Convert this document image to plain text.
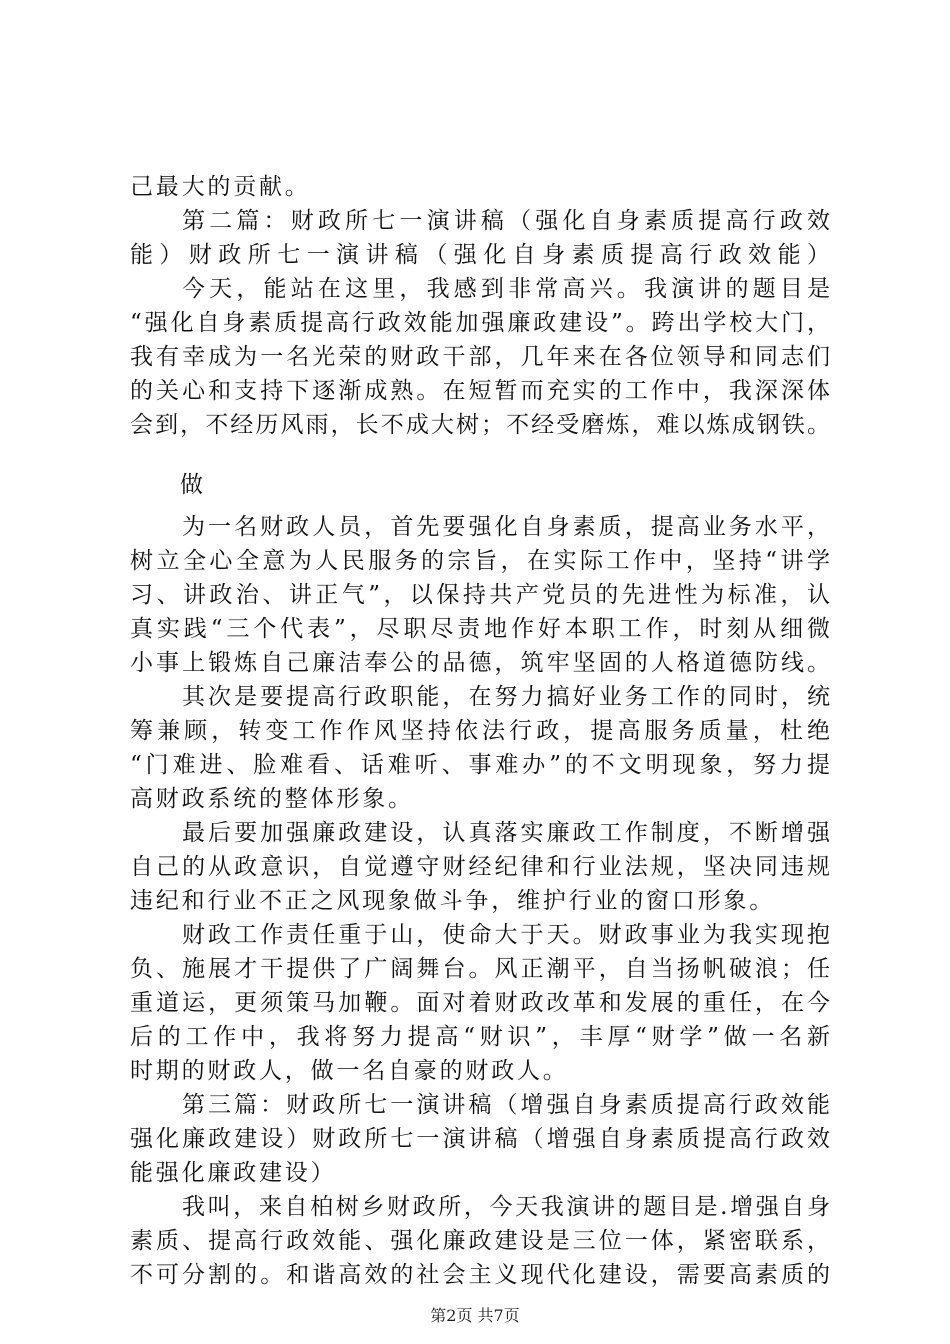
己最大的贡献。
第二篇：财政所七一演讲稿（强化自身素质提高行政效
能）财政所七一演讲稿（强化自身素质提高行政效能）
今天，能站在这里，我感到非常高兴。我演讲的题目是
“强化自身素质提高行政效能加强廉政建设”。跨出学校大门，
我有幸成为一名光荣的财政干部，几年来在各位领导和同志们
的关心和支持下逐渐成熟。在短暂而充实的工作中，我深深体
会到，不经历风雨，长不成大树；不经受磨炼，难以炼成钢铁。
做
为一名财政人员，首先要强化自身素质，提高业务水平，
树立全心全意为人民服务的宗旨，在实际工作中，坚持“讲学
习、讲政治、讲正气”，以保持共产党员的先进性为标准，认
真实践“三个代表”，尽职尽责地作好本职工作，时刻从细微
小事上锻炼自己廉洁奉公的品德，筑牢坚固的人格道德防线。
其次是要提高行政职能，在努力搞好业务工作的同时，统
筹兼顾，转变工作作风坚持依法行政，提高服务质量，杜绝
“门难进、脸难看、话难听、事难办”的不文明现象，努力提
高财政系统的整体形象。
最后要加强廉政建设，认真落实廉政工作制度，不断增强
自己的从政意识，自觉遵守财经纪律和行业法规，坚决同违规
违纪和行业不正之风现象做斗争，维护行业的窗口形象。
财政工作责任重于山，使命大于天。财政事业为我实现抱
负、施展才干提供了广阔舞台。风正潮平，自当扬帆破浪；任
重道运，更须策马加鞭。面对着财政改革和发展的重任，在今
后的工作中，我将努力提高“财识”，丰厚“财学”做一名新
时期的财政人，做一名自豪的财政人。
第三篇：财政所七一演讲稿（增强自身素质提高行政效能
强化廉政建设）财政所七一演讲稿（增强自身素质提高行政效
能强化廉政建设）
我叫，来自柏树乡财政所，今天我演讲的题目是.增强自身
素质、提高行政效能、强化廉政建设是三位一体，紧密联系，
不可分割的。和谐高效的社会主义现代化建设，需要高素质的
第2页 共7页
